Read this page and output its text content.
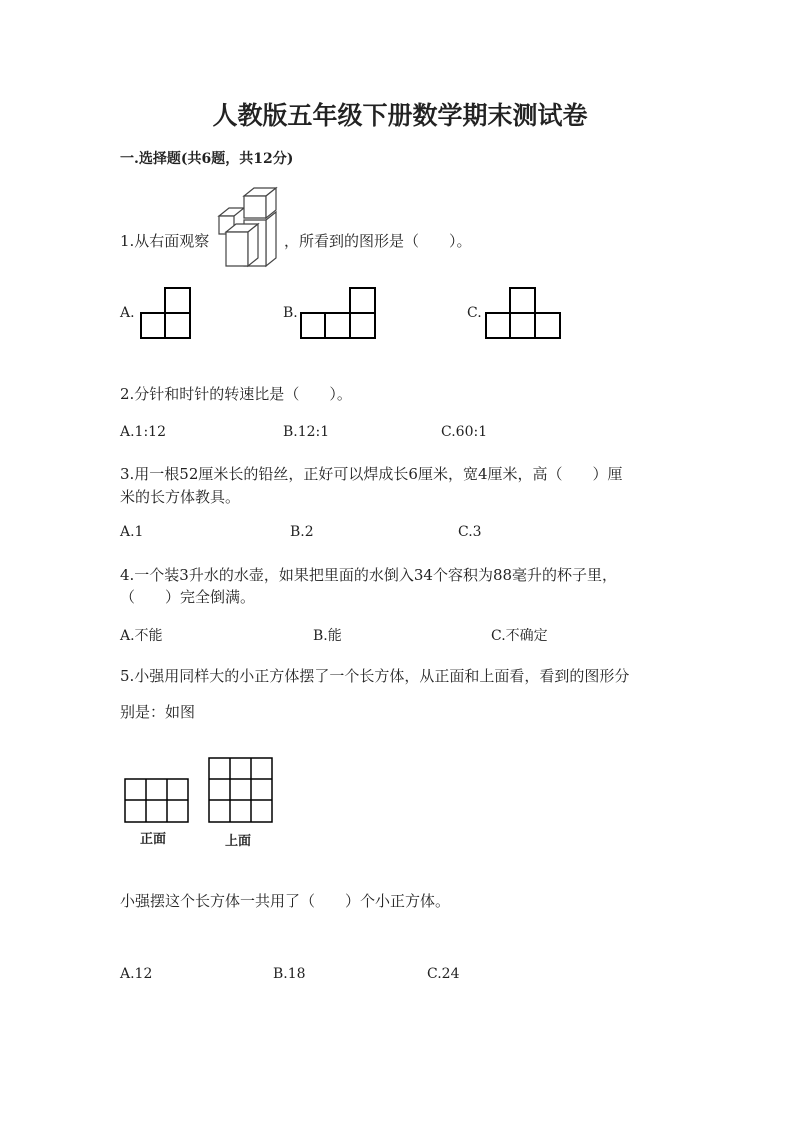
人教版五年级下册数学期末测试卷
一.选择题(共6题，共12分)
1.从右面观察	，所看到的图形是（　　）。
A.	B.	C.
2.分针和时针的转速比是（　　）。
A.1:12	B.12:1	C.60:1
3.用一根52厘米长的铅丝，正好可以焊成长6厘米，宽4厘米，高（　　）厘
米的长方体教具。
A.1	B.2	C.3
4.一个装3升水的水壶，如果把里面的水倒入34个容积为88毫升的杯子里，
（　　）完全倒满。
A.不能	B.能	C.不确定
5.小强用同样大的小正方体摆了一个长方体，从正面和上面看，看到的图形分
别是：如图
正面	上面
小强摆这个长方体一共用了（　　）个小正方体。
A.12	B.18	C.24
